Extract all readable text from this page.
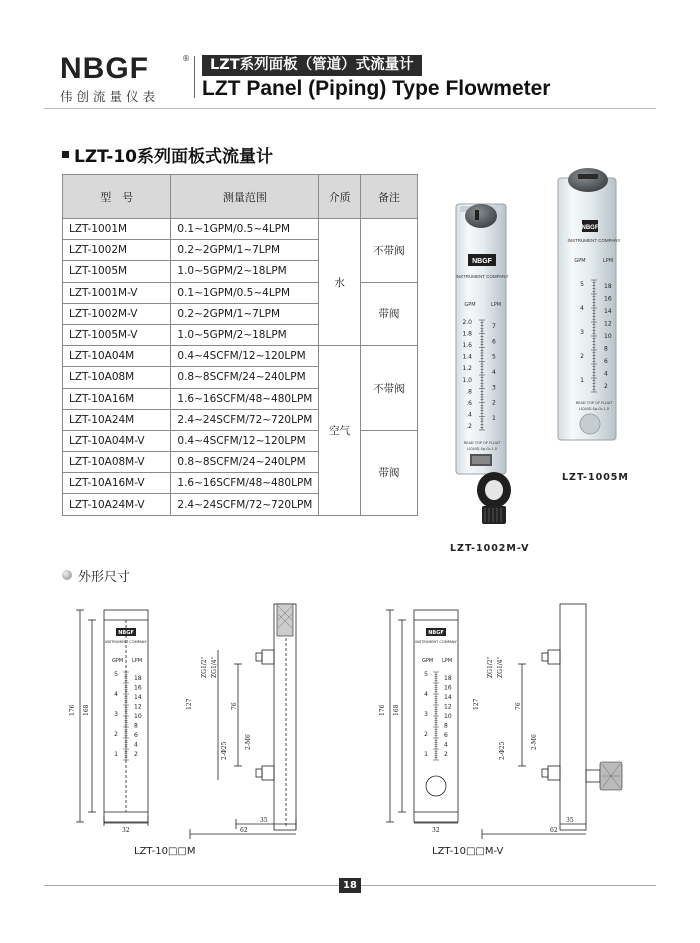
NBGF	®
伟创流量仪表
LZT系列面板（管道）式流量计
LZT Panel (Piping) Type Flowmeter
LZT-10系列面板式流量计
型　号	测量范围	介质	备注
LZT-1001M	0.1~1GPM/0.5~4LPM	水	不带阀
LZT-1002M	0.2~2GPM/1~7LPM		
LZT-1005M	1.0~5GPM/2~18LPM		
LZT-1001M-V	0.1~1GPM/0.5~4LPM		带阀
LZT-1002M-V	0.2~2GPM/1~7LPM		
LZT-1005M-V	1.0~5GPM/2~18LPM		
LZT-10A04M	0.4~4SCFM/12~120LPM	空气	不带阀
LZT-10A08M	0.8~8SCFM/24~240LPM		
LZT-10A16M	1.6~16SCFM/48~480LPM		
LZT-10A24M	2.4~24SCFM/72~720LPM		
LZT-10A04M-V	0.4~4SCFM/12~120LPM		带阀
LZT-10A08M-V	0.8~8SCFM/24~240LPM		
LZT-10A16M-V	1.6~16SCFM/48~480LPM		
LZT-10A24M-V	2.4~24SCFM/72~720LPM		
NBGF
INSTRUMENT COMPANY
GPM	LPM
2.0
1.8
1.6
1.4
1.2
1.0
.8
.6
.4
.2
7
6
5
4
3
2
1
READ TOP OF FLOAT
LIQUID-Sp.Gr.1.0
LZT-1002M-V
NBGF
INSTRUMENT COMPANY
GPM	LPM
5
4
3
2
1
18
16
14
12
10
8
6
4
2
READ TOP OF FLOAT
LIQUID-Sp.Gr.1.0
LZT-1005M
外形尺寸
NBGF
INSTRUMENT COMPANY
GPM LPM
5
4
3
2
1
18
16
14
12
10
8
6
4
2
176 168
32
127	76
ZG1/2" ZG1/4"
2-Φ25	2-M6
35
62
LZT-10□□M
NBGF
INSTRUMENT COMPANY
GPM LPM
5
4
3
2
1
18
16
14
12
10
8
6
4
2
176 168
32
127	76
ZG1/2" ZG1/4"
2-Φ25	2-M6
35
62
LZT-10□□M-V
18
